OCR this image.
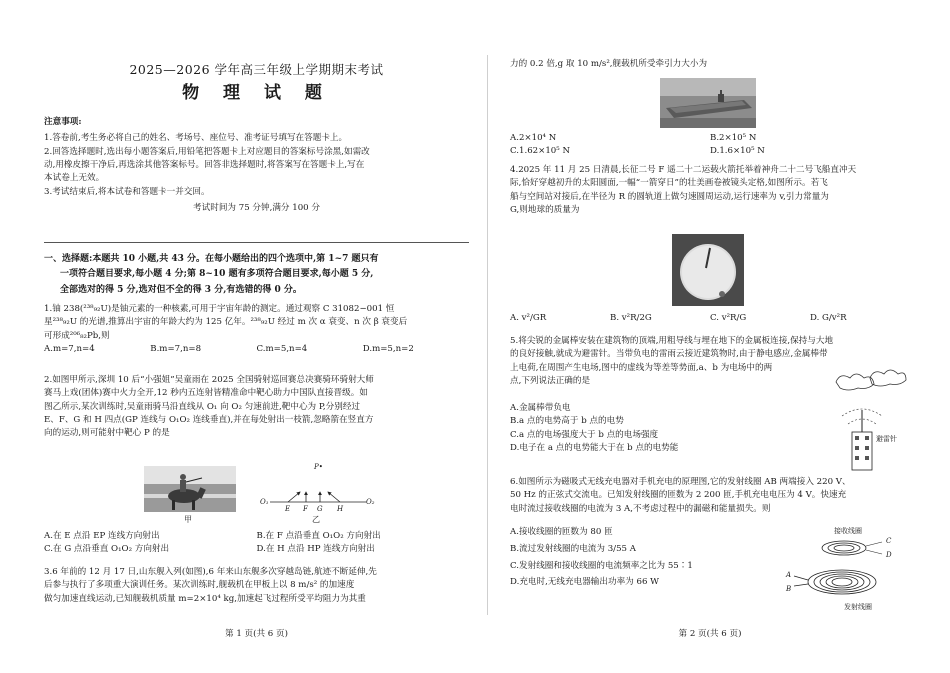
2025—2026 学年高三年级上学期期末考试
物 理 试 题
注意事项:
1.答卷前,考生务必将自己的姓名、考场号、座位号、准考证号填写在答题卡上。
2.回答选择题时,选出每小题答案后,用铅笔把答题卡上对应题目的答案标号涂黑,如需改
动,用橡皮擦干净后,再选涂其他答案标号。回答非选择题时,将答案写在答题卡上,写在
本试卷上无效。
3.考试结束后,将本试卷和答题卡一并交回。
考试时间为 75 分钟,满分 100 分
一、选择题:本题共 10 小题,共 43 分。在每小题给出的四个选项中,第 1~7 题只有
一项符合题目要求,每小题 4 分;第 8~10 题有多项符合题目要求,每小题 5 分,
全部选对的得 5 分,选对但不全的得 3 分,有选错的得 0 分。
1.铀 238(²³⁸₉₂U)是铀元素的一种核素,可用于宇宙年龄的测定。通过观察 C 31082−001 恒
星²³⁸₉₂U 的光谱,推算出宇宙的年龄大约为 125 亿年。²³⁸₉₂U 经过 m 次 α 衰变、n 次 β 衰变后
可形成²⁰⁶₈₂Pb,则
A.m=7,n=4	B.m=7,n=8	C.m=5,n=4	D.m=5,n=2
2.如图甲所示,深圳 10 后“小强姐”吴童雨在 2025 全国骑射巡回赛总决赛骑环骑射大师
赛马上戏(团体)赛中火力全开,12 秒内五连射皆精准命中靶心助力中国队直接晋级。如
图乙所示,某次训练时,吴童雨骑马沿直线从 O₁ 向 O₂ 匀速前进,靶中心为 P,分别经过
E、F、G 和 H 四点(GP 连线与 O₁O₂ 连线垂直),并在每处射出一枝箭,忽略箭在竖直方
向的运动,则可能射中靶心 P 的是
甲
P•
O₁	O₂
E F G H
乙
A.在 E 点沿 EP 连线方向射出	B.在 F 点沿垂直 O₁O₂ 方向射出
C.在 G 点沿垂直 O₁O₂ 方向射出	D.在 H 点沿 HP 连线方向射出
3.6 年前的 12 月 17 日,山东舰入列(如图),6 年来山东舰多次穿越岛链,航迹不断延伸,先
后参与执行了多项重大演训任务。某次训练时,舰载机在甲板上以 8 m/s² 的加速度
做匀加速直线运动,已知舰载机质量 m=2×10⁴ kg,加速起飞过程所受平均阻力为其重
第 1 页(共 6 页)
力的 0.2 倍,g 取 10 m/s²,舰载机所受牵引力大小为
A.2×10⁴ N	B.2×10⁵ N
C.1.62×10⁵ N	D.1.6×10⁵ N
4.2025 年 11 月 25 日清晨,长征二号 F 遥二十二运载火箭托举着神舟二十二号飞船直冲天
际,恰好穿越初升的太阳圆面,一幅“一箭穿日”的壮美画卷被镜头定格,如图所示。若飞
船与空间站对接后,在半径为 R 的圆轨道上做匀速圆周运动,运行速率为 v,引力常量为
G,则地球的质量为
A. v²/GR	B. v²R/2G	C. v²R/G	D. G/v²R
5.将尖锐的金属棒安装在建筑物的顶端,用粗导线与埋在地下的金属板连接,保持与大地
的良好接触,就成为避雷针。当带负电的雷雨云接近建筑物时,由于静电感应,金属棒带
上电荷,在周围产生电场,图中的虚线为等差等势面,a、b 为电场中的两
点,下列说法正确的是
A.金属棒带负电
B.a 点的电势高于 b 点的电势
C.a 点的电场强度大于 b 点的电场强度
D.电子在 a 点的电势能大于在 b 点的电势能
避雷针
6.如图所示为磁吸式无线充电器对手机充电的原理图,它的发射线圈 AB 两端接入 220 V、
50 Hz 的正弦式交流电。已知发射线圈的匝数为 2 200 匝,手机充电电压为 4 V。快速充
电时流过接收线圈的电流为 3 A,不考虑过程中的漏磁和能量损失。则
A.接收线圈的匝数为 80 匝
B.流过发射线圈的电流为 3/55 A
C.发射线圈和接收线圈的电流频率之比为 55∶1
D.充电时,无线充电器输出功率为 66 W
接收线圈
发射线圈
A
B
C
D
第 2 页(共 6 页)
